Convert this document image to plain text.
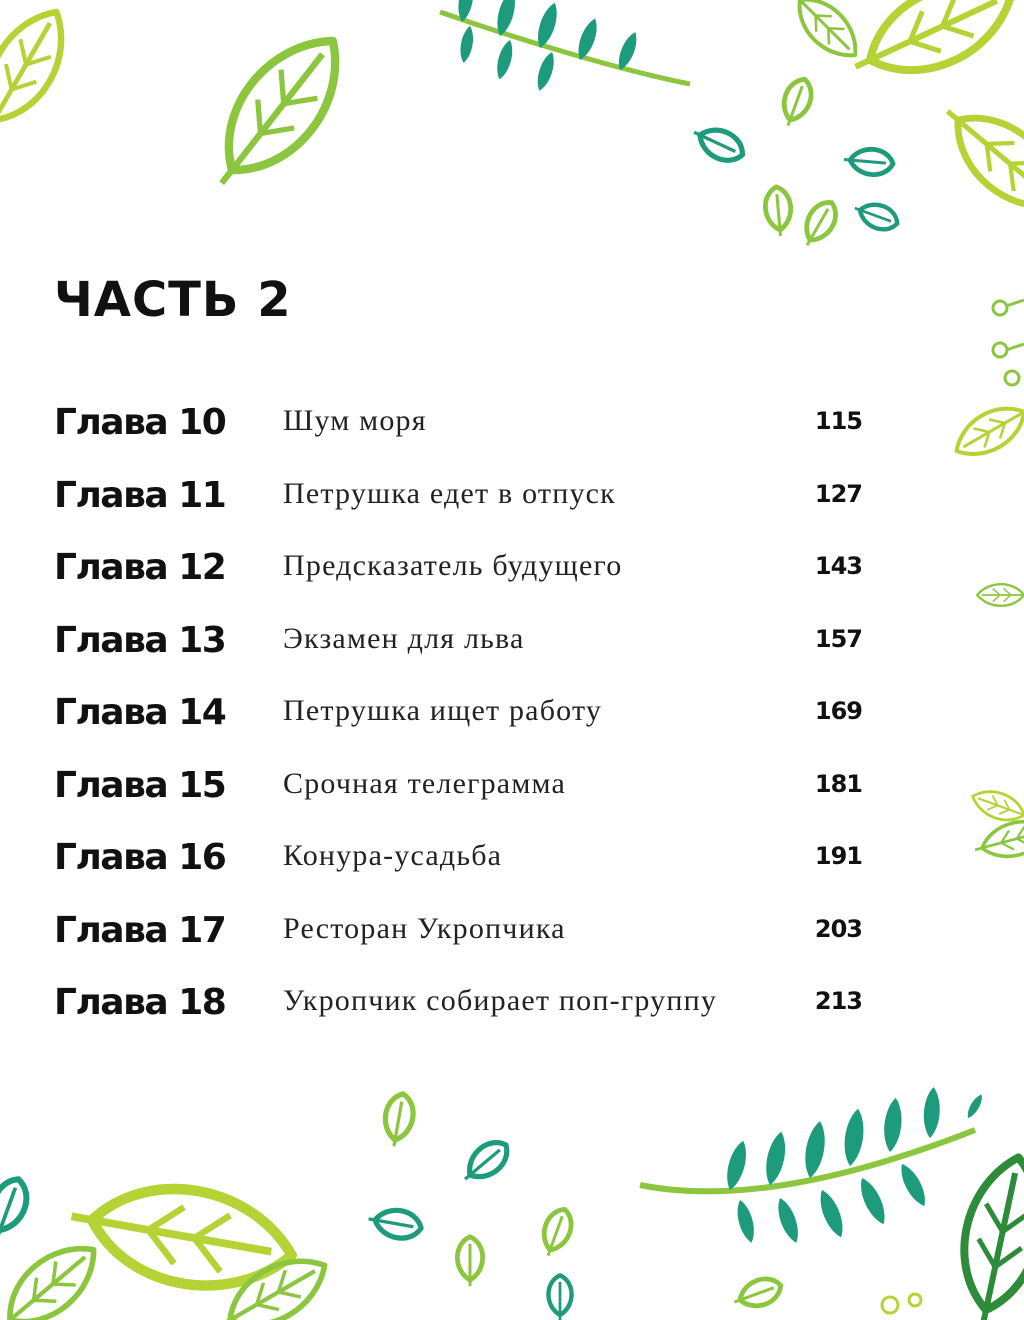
ЧАСТЬ 2
Глава 10 Шум моря	115
Глава 11 Петрушка едет в отпуск	127
Глава 12 Предсказатель будущего	143
Глава 13 Экзамен для льва	157
Глава 14 Петрушка ищет работу	169
Глава 15 Срочная телеграмма	181
Глава 16 Конура-усадьба	191
Глава 17 Ресторан Укропчика	203
Глава 18 Укропчик собирает поп-группу	213
